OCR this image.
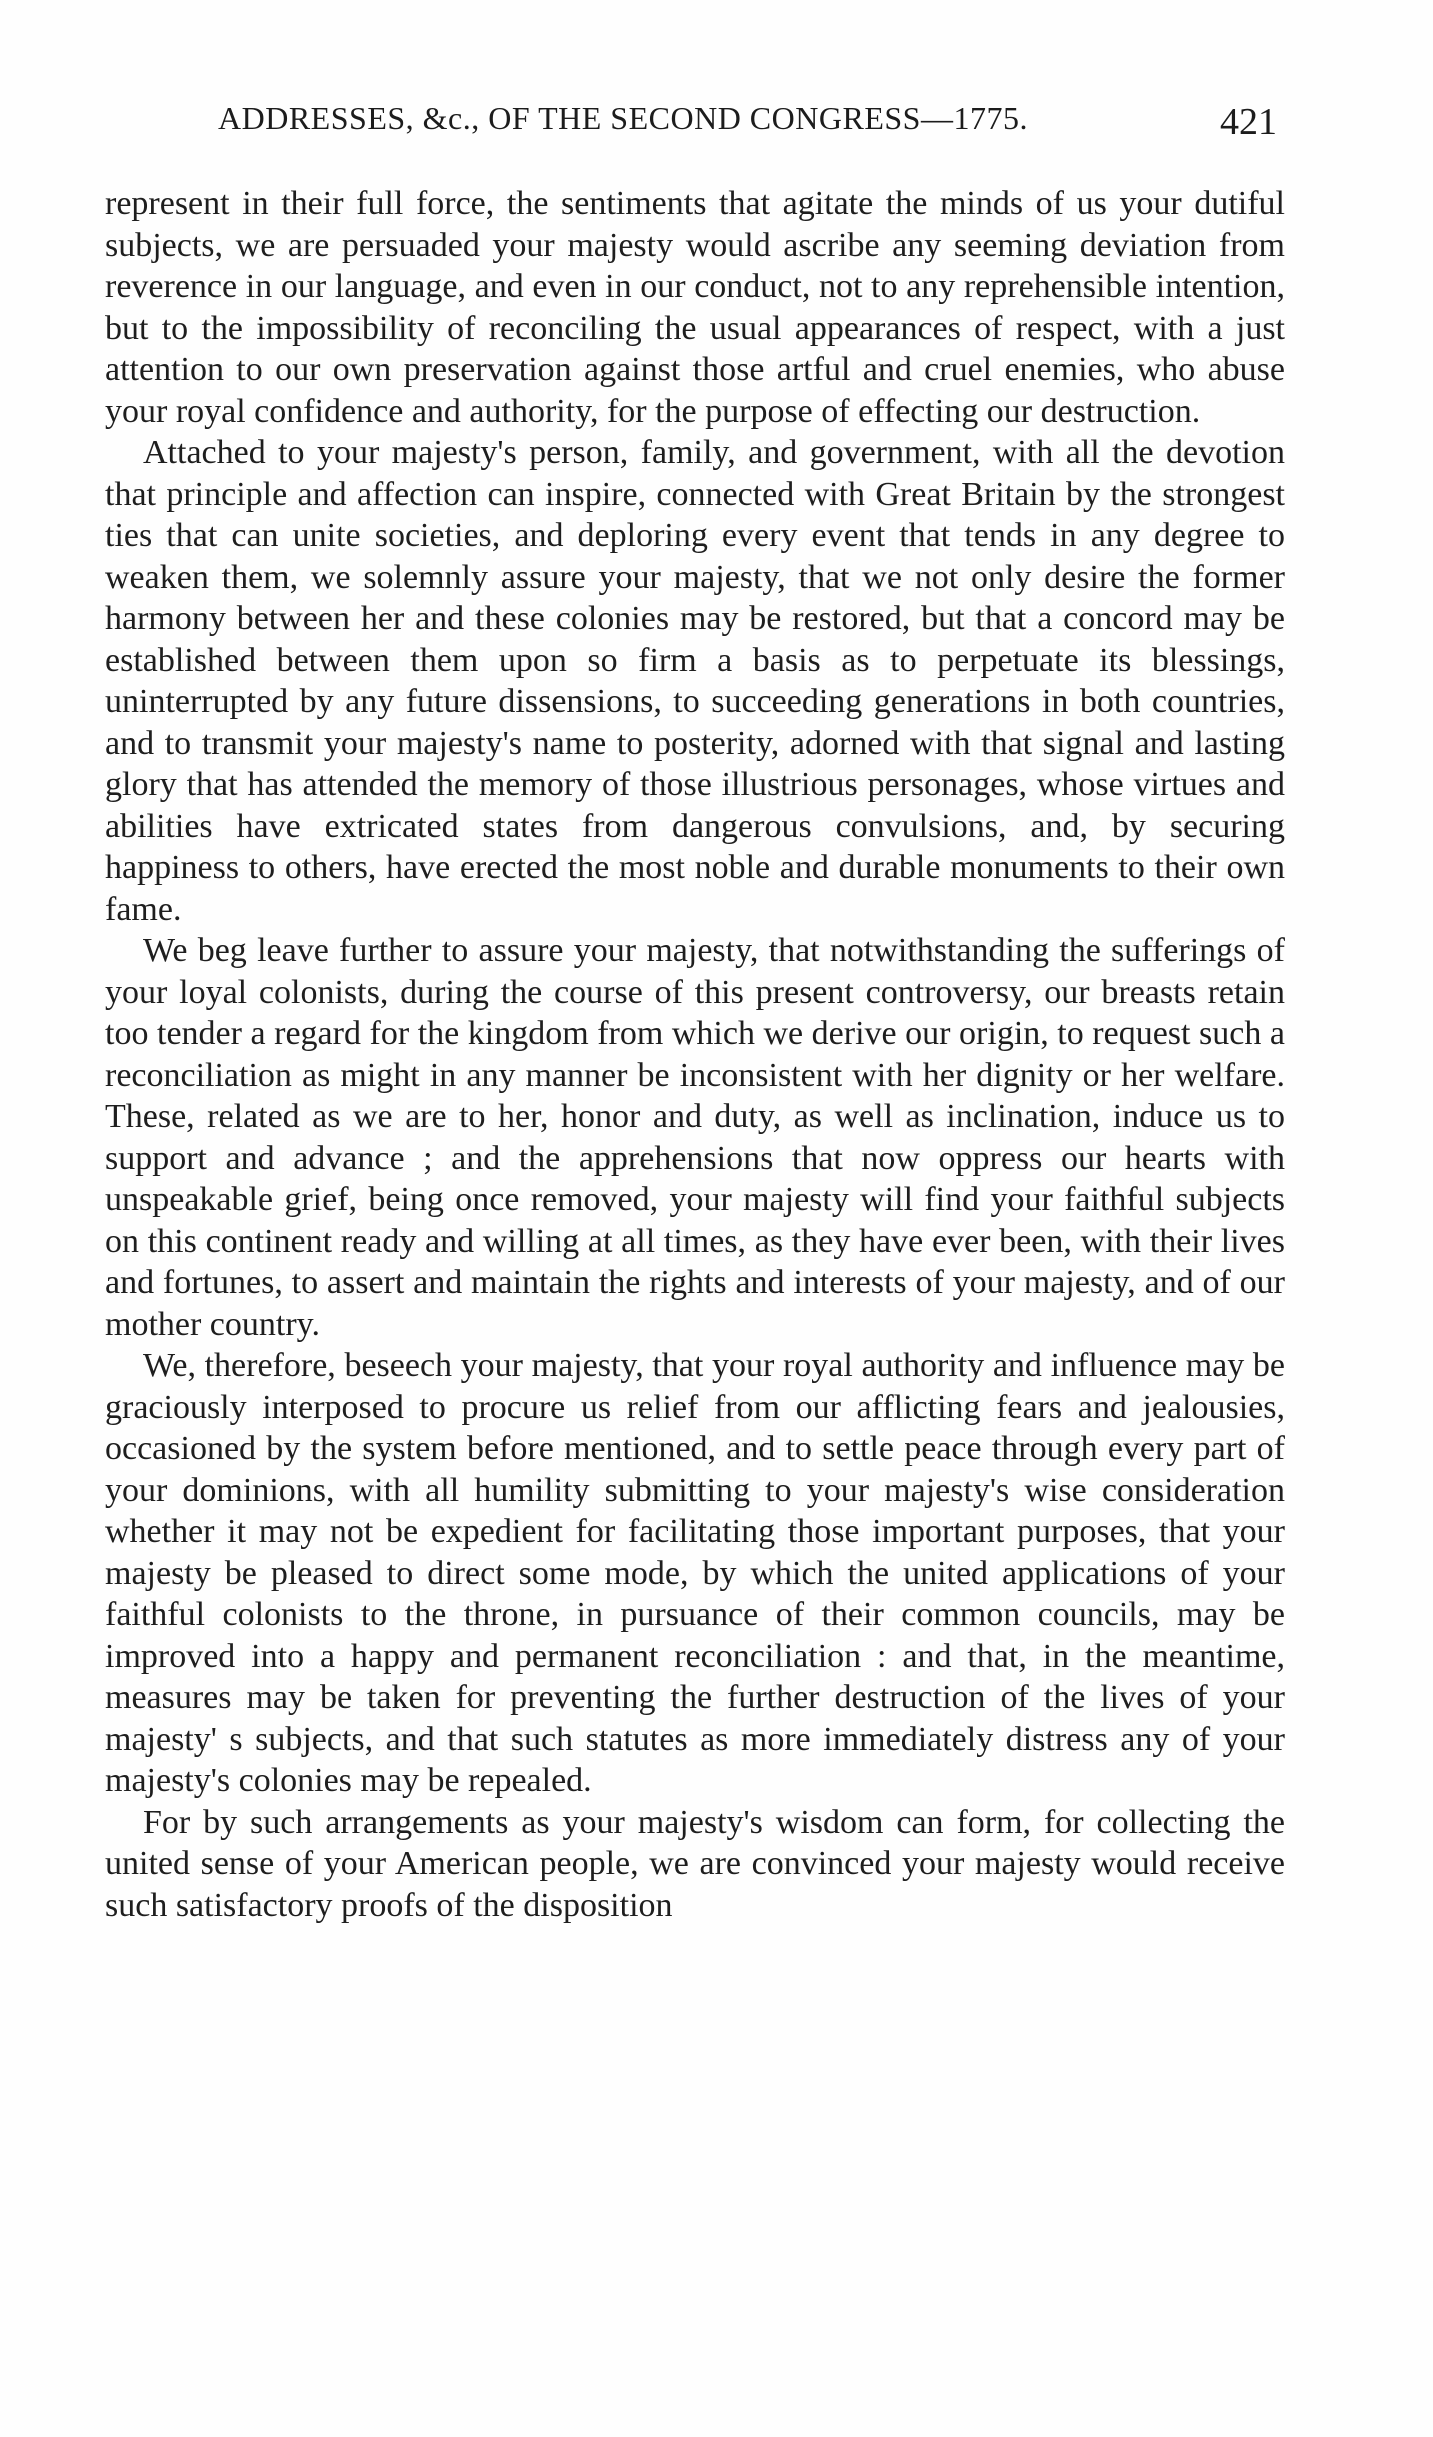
ADDRESSES, &c., OF THE SECOND CONGRESS—1775.	421

represent in their full force, the sentiments that agitate the minds of us your dutiful subjects, we are persuaded your majesty would ascribe any seeming deviation from reverence in our language, and even in our conduct, not to any reprehensible intention, but to the impossibility of reconciling the usual appearances of respect, with a just attention to our own preservation against those artful and cruel enemies, who abuse your royal confidence and authority, for the purpose of effecting our destruction.

Attached to your majesty's person, family, and government, with all the devotion that principle and affection can inspire, connected with Great Britain by the strongest ties that can unite societies, and deploring every event that tends in any degree to weaken them, we solemnly assure your majesty, that we not only desire the former harmony between her and these colonies may be restored, but that a concord may be established between them upon so firm a basis as to perpetuate its blessings, uninterrupted by any future dissensions, to succeeding generations in both countries, and to transmit your majesty's name to posterity, adorned with that signal and lasting glory that has attended the memory of those illustrious personages, whose virtues and abilities have extricated states from dangerous convulsions, and, by securing happiness to others, have erected the most noble and durable monuments to their own fame.

We beg leave further to assure your majesty, that notwithstanding the sufferings of your loyal colonists, during the course of this present controversy, our breasts retain too tender a regard for the kingdom from which we derive our origin, to request such a reconciliation as might in any manner be inconsistent with her dignity or her welfare. These, related as we are to her, honor and duty, as well as inclination, induce us to support and advance ; and the apprehensions that now oppress our hearts with unspeakable grief, being once removed, your majesty will find your faithful subjects on this continent ready and willing at all times, as they have ever been, with their lives and fortunes, to assert and maintain the rights and interests of your majesty, and of our mother country.

We, therefore, beseech your majesty, that your royal authority and influence may be graciously interposed to procure us relief from our afflicting fears and jealousies, occasioned by the system before mentioned, and to settle peace through every part of your dominions, with all humility submitting to your majesty's wise consideration whether it may not be expedient for facilitating those important purposes, that your majesty be pleased to direct some mode, by which the united applications of your faithful colonists to the throne, in pursuance of their common councils, may be improved into a happy and permanent reconciliation : and that, in the meantime, measures may be taken for preventing the further destruction of the lives of your majesty' s subjects, and that such statutes as more immediately distress any of your majesty's colonies may be repealed.

For by such arrangements as your majesty's wisdom can form, for collecting the united sense of your American people, we are convinced your majesty would receive such satisfactory proofs of the disposition
